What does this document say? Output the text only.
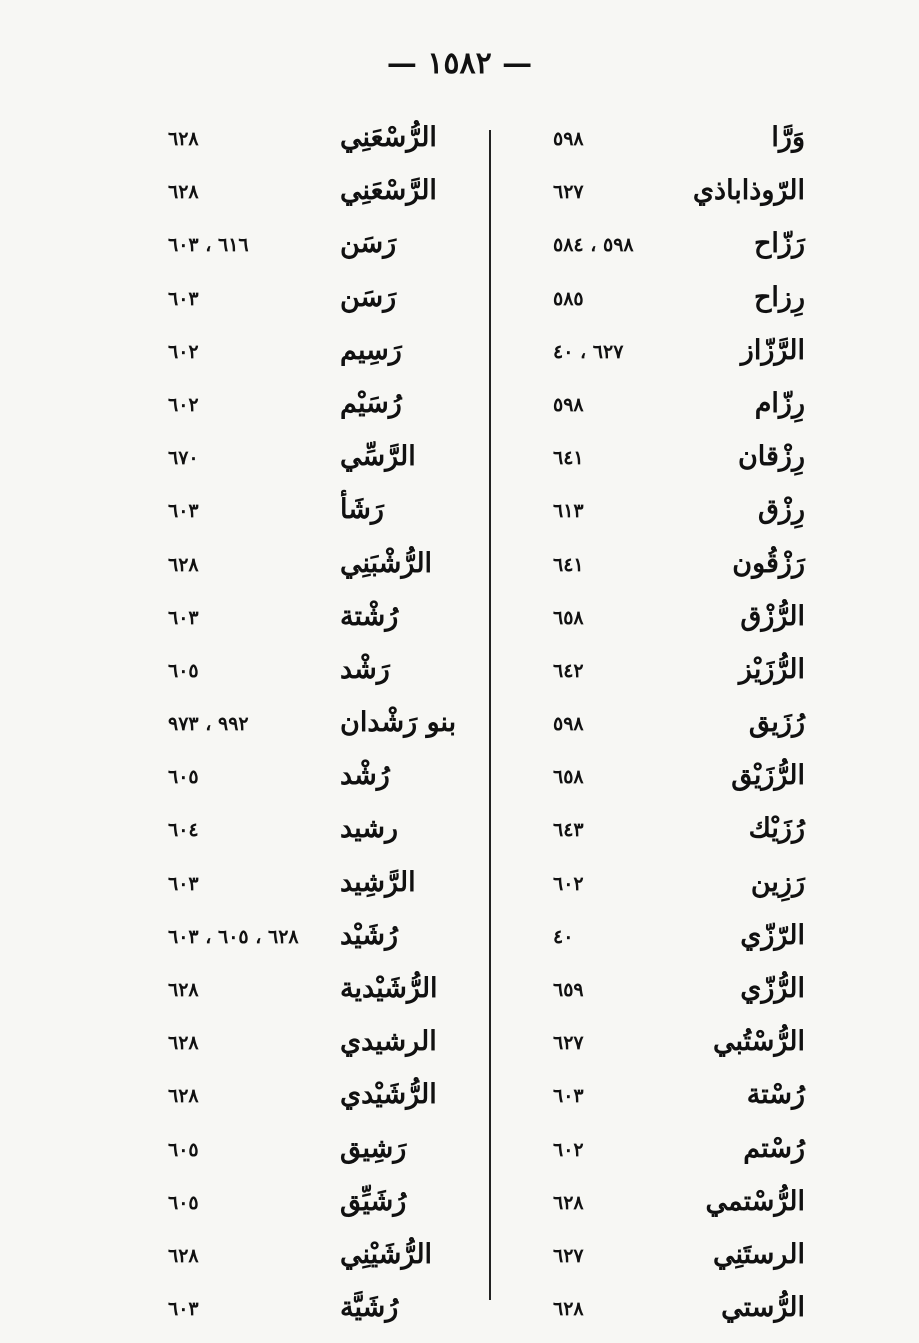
— ١٥٨٢ —
وَرَّا
٥٩٨
الرّوذاباذي
٦٢٧
رَزّاح
٥٩٨ ، ٥٨٤
رِزاح
٥٨٥
الرَّزّاز
٦٢٧ ، ٤٠
رِزّام
٥٩٨
رِزْقان
٦٤١
رِزْق
٦١٣
رَزْقُون
٦٤١
الرُّزْق
٦٥٨
الرُّزَيْز
٦٤٢
رُزَيق
٥٩٨
الرُّزَيْق
٦٥٨
رُزَيْك
٦٤٣
رَزِين
٦٠٢
الرّزّي
٤٠
الرُّزّي
٦٥٩
الرُّسْتُبي
٦٢٧
رُسْتة
٦٠٣
رُسْتم
٦٠٢
الرُّسْتمي
٦٢٨
الرستَنِي
٦٢٧
الرُّستي
٦٢٨
الرُّسْعَنِي
٦٢٨
الرَّسْعَنِي
٦٢٨
رَسَن
٦١٦ ، ٦٠٣
رَسَن
٦٠٣
رَسِيم
٦٠٢
رُسَيْم
٦٠٢
الرَّسِّي
٦٧٠
رَشَأ
٦٠٣
الرُّشْبَنِي
٦٢٨
رُشْتة
٦٠٣
رَشْد
٦٠٥
بنو رَشْدان
٩٩٢ ، ٩٧٣
رُشْد
٦٠٥
رشيد
٦٠٤
الرَّشِيد
٦٠٣
رُشَيْد
٦٢٨ ، ٦٠٥ ، ٦٠٣
الرُّشَيْدية
٦٢٨
الرشيدي
٦٢٨
الرُّشَيْدي
٦٢٨
رَشِيق
٦٠٥
رُشَيِّق
٦٠٥
الرُّشَيْنِي
٦٢٨
رُشَيَّة
٦٠٣
